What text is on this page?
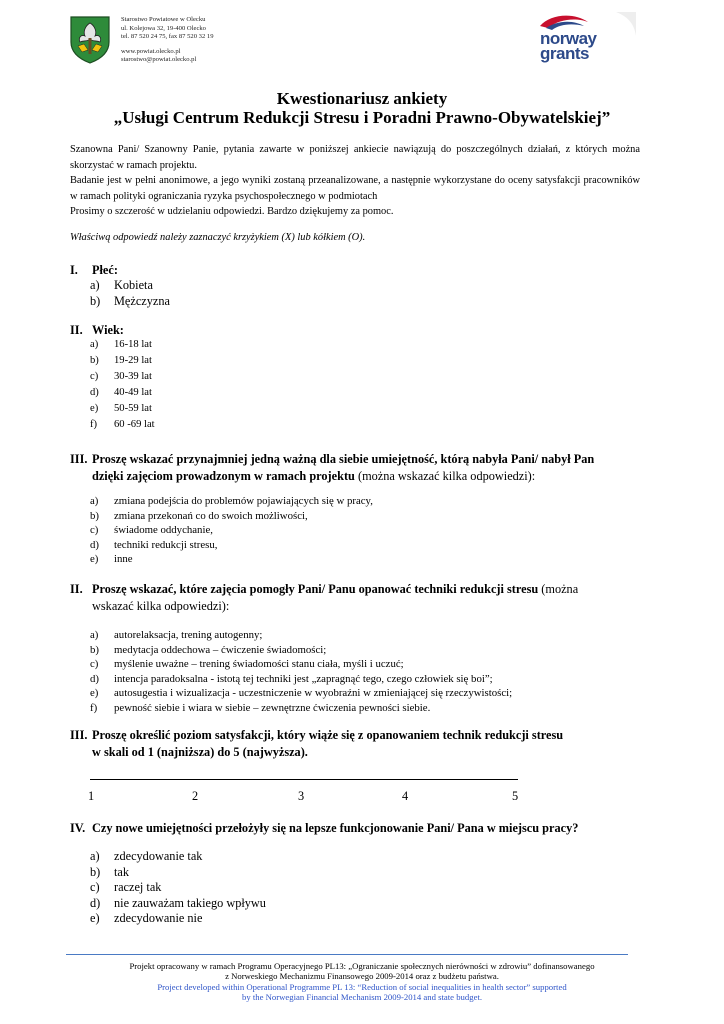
Starostwo Powiatowe w Olecku
ul. Kolejowa 32, 19-400 Olecko
tel. 87 520 24 75, fax 87 520 32 19
www.powiat.olecko.pl
starostwo@powiat.olecko.pl
norway
grants
Kwestionariusz ankiety
„Usługi Centrum Redukcji Stresu i Poradni Prawno-Obywatelskiej”
Szanowna Pani/ Szanowny Panie, pytania zawarte w poniższej ankiecie nawiązują do poszczególnych działań, z których można skorzystać w ramach projektu.
Badanie jest w pełni anonimowe, a jego wyniki zostaną przeanalizowane, a następnie wykorzystane do oceny satysfakcji pracowników w ramach polityki ograniczania ryzyka psychospołecznego w podmiotach
Prosimy o szczerość w udzielaniu odpowiedzi. Bardzo dziękujemy za pomoc.
Właściwą odpowiedź należy zaznaczyć krzyżykiem (X) lub kółkiem (O).
I. Płeć:
a)	Kobieta
b)	Mężczyzna
II. Wiek:
a)	16-18 lat
b)	19-29 lat
c)	30-39 lat
d)	40-49 lat
e)	50-59 lat
f)	60 -69 lat
III. Proszę wskazać przynajmniej jedną ważną dla siebie umiejętność, którą nabyła Pani/ nabył Pan
dzięki zajęciom prowadzonym w ramach projektu (można wskazać kilka odpowiedzi):
a)	zmiana podejścia do problemów pojawiających się w pracy,
b)	zmiana przekonań co do swoich możliwości,
c)	świadome oddychanie,
d)	techniki redukcji stresu,
e)	inne
II. Proszę wskazać, które zajęcia pomogły Pani/ Panu opanować techniki redukcji stresu (można
wskazać kilka odpowiedzi):
a)	autorelaksacja, trening autogenny;
b)	medytacja oddechowa – ćwiczenie świadomości;
c)	myślenie uważne – trening świadomości stanu ciała, myśli i uczuć;
d)	intencja paradoksalna - istotą tej techniki jest „zapragnąć tego, czego człowiek się boi”;
e)	autosugestia i wizualizacja - uczestniczenie w wyobraźni w zmieniającej się rzeczywistości;
f)	pewność siebie i wiara w siebie – zewnętrzne ćwiczenia pewności siebie.
III. Proszę określić poziom satysfakcji, który wiąże się z opanowaniem technik redukcji stresu
w skali od 1 (najniższa) do 5 (najwyższa).
1	2	3	4	5
IV. Czy nowe umiejętności przełożyły się na lepsze funkcjonowanie Pani/ Pana w miejscu pracy?
a)	zdecydowanie tak
b)	tak
c)	raczej tak
d)	nie zauważam takiego wpływu
e)	zdecydowanie nie
Projekt opracowany w ramach Programu Operacyjnego PL13: „Ograniczanie społecznych nierówności w zdrowiu” dofinansowanego
z Norweskiego Mechanizmu Finansowego 2009-2014 oraz z budżetu państwa.
Project developed within Operational Programme PL 13: “Reduction of social inequalities in health sector” supported
by the Norwegian Financial Mechanism 2009-2014 and state budget.
